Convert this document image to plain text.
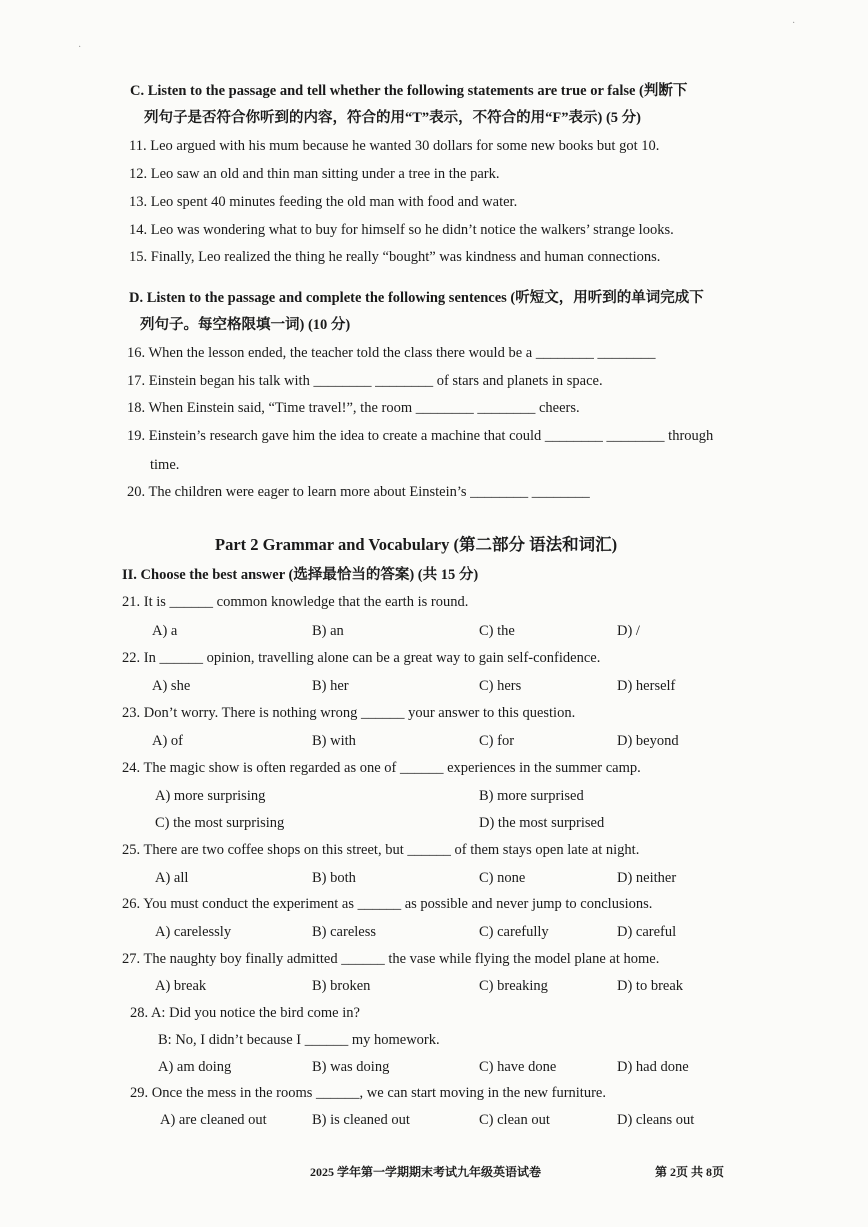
·
·
C. Listen to the passage and tell whether the following statements are true or false (判断下
列句子是否符合你听到的内容，符合的用“T”表示，不符合的用“F”表示) (5 分)
11. Leo argued with his mum because he wanted 30 dollars for some new books but got 10.
12. Leo saw an old and thin man sitting under a tree in the park.
13. Leo spent 40 minutes feeding the old man with food and water.
14. Leo was wondering what to buy for himself so he didn’t notice the walkers’ strange looks.
15. Finally, Leo realized the thing he really “bought” was kindness and human connections.
D. Listen to the passage and complete the following sentences (听短文，用听到的单词完成下
列句子。每空格限填一词) (10 分)
16. When the lesson ended, the teacher told the class there would be a ________ ________
17. Einstein began his talk with ________ ________ of stars and planets in space.
18. When Einstein said, “Time travel!”, the room ________ ________ cheers.
19. Einstein’s research gave him the idea to create a machine that could ________ ________ through
time.
20. The children were eager to learn more about Einstein’s ________ ________
Part 2 Grammar and Vocabulary (第二部分 语法和词汇)
II. Choose the best answer (选择最恰当的答案) (共 15 分)
21. It is ______ common knowledge that the earth is round.
A) a	B) an	C) the	D) /
22. In ______ opinion, travelling alone can be a great way to gain self-confidence.
A) she	B) her	C) hers	D) herself
23. Don’t worry. There is nothing wrong ______ your answer to this question.
A) of	B) with	C) for	D) beyond
24. The magic show is often regarded as one of ______ experiences in the summer camp.
A) more surprising	B) more surprised
C) the most surprising	D) the most surprised
25. There are two coffee shops on this street, but ______ of them stays open late at night.
A) all	B) both	C) none	D) neither
26. You must conduct the experiment as ______ as possible and never jump to conclusions.
A) carelessly	B) careless	C) carefully	D) careful
27. The naughty boy finally admitted ______ the vase while flying the model plane at home.
A) break	B) broken	C) breaking	D) to break
28. A: Did you notice the bird come in?
B: No, I didn’t because I ______ my homework.
A) am doing	B) was doing	C) have done	D) had done
29. Once the mess in the rooms ______, we can start moving in the new furniture.
A) are cleaned out	B) is cleaned out	C) clean out	D) cleans out
2025 学年第一学期期末考试九年级英语试卷	第 2页 共 8页
